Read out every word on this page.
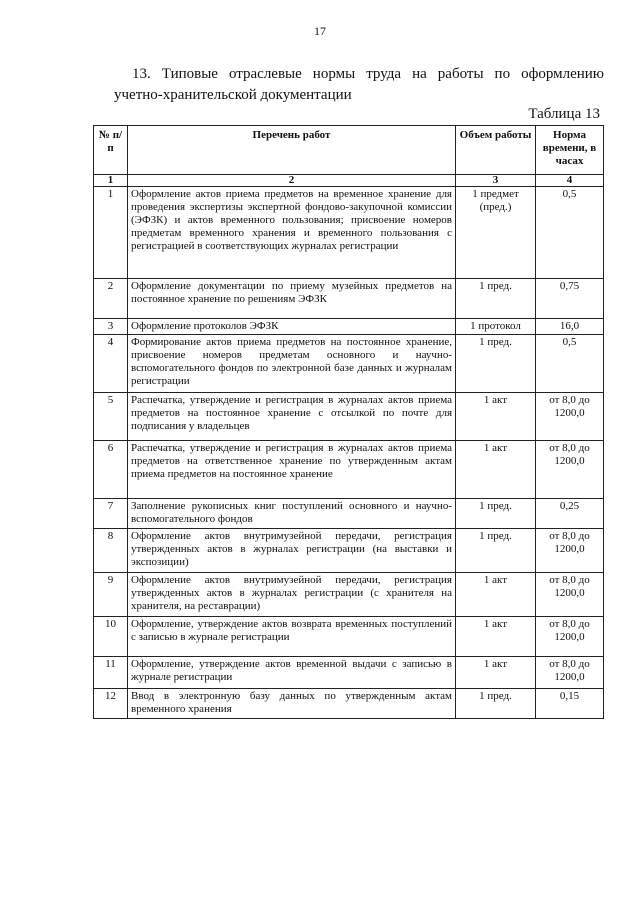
17
13. Типовые отраслевые нормы труда на работы по оформлению
учетно-хранительской документации
Таблица 13
№ п/п	Перечень работ	Объем работы	Норма времени, в часах
1	2	3	4
1	Оформление актов приема предметов на временное хранение для проведения экспертизы экспертной фондово-закупочной комиссии (ЭФЗК) и актов временного пользования; присвоение номеров предметам временного хранения и временного пользования с регистрацией в соответствующих журналах регистрации	1 предмет (пред.)	0,5
2	Оформление документации по приему музейных предметов на постоянное хранение по решениям ЭФЗК	1 пред.	0,75
3	Оформление протоколов ЭФЗК	1 протокол	16,0
4	Формирование актов приема предметов на постоянное хранение, присвоение номеров предметам основного и научно-вспомогательного фондов по электронной базе данных и журналам регистрации	1 пред.	0,5
5	Распечатка, утверждение и регистрация в журналах актов приема предметов на постоянное хранение с отсылкой по почте для подписания у владельцев	1 акт	от 8,0 до 1200,0
6	Распечатка, утверждение и регистрация в журналах актов приема предметов на ответственное хранение по утвержденным актам приема предметов на постоянное хранение	1 акт	от 8,0 до 1200,0
7	Заполнение рукописных книг поступлений основного и научно-вспомогательного фондов	1 пред.	0,25
8	Оформление актов внутримузейной передачи, регистрация утвержденных актов в журналах регистрации (на выставки и экспозиции)	1 пред.	от 8,0 до 1200,0
9	Оформление актов внутримузейной передачи, регистрация утвержденных актов в журналах регистрации (с хранителя на хранителя, на реставрации)	1 акт	от 8,0 до 1200,0
10	Оформление, утверждение актов возврата временных поступлений с записью в журнале регистрации	1 акт	от 8,0 до 1200,0
11	Оформление, утверждение актов временной выдачи с записью в журнале регистрации	1 акт	от 8,0 до 1200,0
12	Ввод в электронную базу данных по утвержденным актам временного хранения	1 пред.	0,15
